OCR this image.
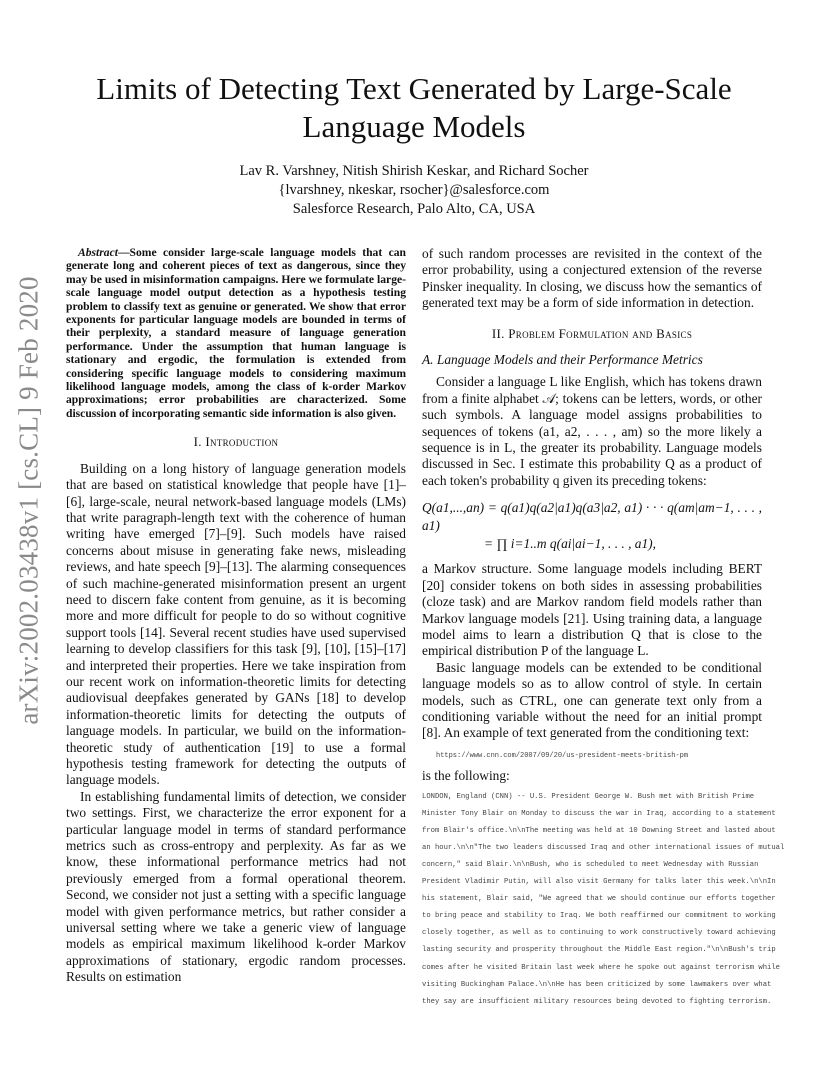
arXiv:2002.03438v1 [cs.CL] 9 Feb 2020
Limits of Detecting Text Generated by Large-Scale Language Models
Lav R. Varshney, Nitish Shirish Keskar, and Richard Socher
{lvarshney, nkeskar, rsocher}@salesforce.com
Salesforce Research, Palo Alto, CA, USA

Abstract—Some consider large-scale language models that can generate long and coherent pieces of text as dangerous, since they may be used in misinformation campaigns. Here we formulate large-scale language model output detection as a hypothesis testing problem to classify text as genuine or generated. We show that error exponents for particular language models are bounded in terms of their perplexity, a standard measure of language generation performance. Under the assumption that human language is stationary and ergodic, the formulation is extended from considering specific language models to considering maximum likelihood language models, among the class of k-order Markov approximations; error probabilities are characterized. Some discussion of incorporating semantic side information is also given.

I. Introduction

Building on a long history of language generation models that are based on statistical knowledge that people have [1]–[6], large-scale, neural network-based language models (LMs) that write paragraph-length text with the coherence of human writing have emerged [7]–[9]. Such models have raised concerns about misuse in generating fake news, misleading reviews, and hate speech [9]–[13]. The alarming consequences of such machine-generated misinformation present an urgent need to discern fake content from genuine, as it is becoming more and more difficult for people to do so without cognitive support tools [14]. Several recent studies have used supervised learning to develop classifiers for this task [9], [10], [15]–[17] and interpreted their properties. Here we take inspiration from our recent work on information-theoretic limits for detecting audiovisual deepfakes generated by GANs [18] to develop information-theoretic limits for detecting the outputs of language models. In particular, we build on the information-theoretic study of authentication [19] to use a formal hypothesis testing framework for detecting the outputs of language models.

In establishing fundamental limits of detection, we consider two settings. First, we characterize the error exponent for a particular language model in terms of standard performance metrics such as cross-entropy and perplexity. As far as we know, these informational performance metrics had not previously emerged from a formal operational theorem. Second, we consider not just a setting with a specific language model with given performance metrics, but rather consider a universal setting where we take a generic view of language models as empirical maximum likelihood k-order Markov approximations of stationary, ergodic random processes. Results on estimation

of such random processes are revisited in the context of the error probability, using a conjectured extension of the reverse Pinsker inequality. In closing, we discuss how the semantics of generated text may be a form of side information in detection.

II. Problem Formulation and Basics
A. Language Models and their Performance Metrics

Consider a language L like English, which has tokens drawn from a finite alphabet 𝒜; tokens can be letters, words, or other such symbols. A language model assigns probabilities to sequences of tokens (a1, a2, . . . , am) so the more likely a sequence is in L, the greater its probability. Language models discussed in Sec. I estimate this probability Q as a product of each token's probability q given its preceding tokens:

Q(a1,...,an) = q(a1)q(a2|a1)q(a3|a2, a1) · · · q(am|am−1, . . . , a1)
= ∏ i=1..m q(ai|ai−1, . . . , a1),

a Markov structure. Some language models including BERT [20] consider tokens on both sides in assessing probabilities (cloze task) and are Markov random field models rather than Markov language models [21]. Using training data, a language model aims to learn a distribution Q that is close to the empirical distribution P of the language L.

Basic language models can be extended to be conditional language models so as to allow control of style. In certain models, such as CTRL, one can generate text only from a conditioning variable without the need for an initial prompt [8]. An example of text generated from the conditioning text:

https://www.cnn.com/2007/09/20/us-president-meets-british-pm

is the following:

LONDON, England (CNN) -- U.S. President George W. Bush met with British Prime
Minister Tony Blair on Monday to discuss the war in Iraq, according to a statement
from Blair's office.\n\nThe meeting was held at 10 Downing Street and lasted about
an hour.\n\n"The two leaders discussed Iraq and other international issues of mutual
concern," said Blair.\n\nBush, who is scheduled to meet Wednesday with Russian
President Vladimir Putin, will also visit Germany for talks later this week.\n\nIn
his statement, Blair said, "We agreed that we should continue our efforts together
to bring peace and stability to Iraq. We both reaffirmed our commitment to working
closely together, as well as to continuing to work constructively toward achieving
lasting security and prosperity throughout the Middle East region."\n\nBush's trip
comes after he visited Britain last week where he spoke out against terrorism while
visiting Buckingham Palace.\n\nHe has been criticized by some lawmakers over what
they say are insufficient military resources being devoted to fighting terrorism.
